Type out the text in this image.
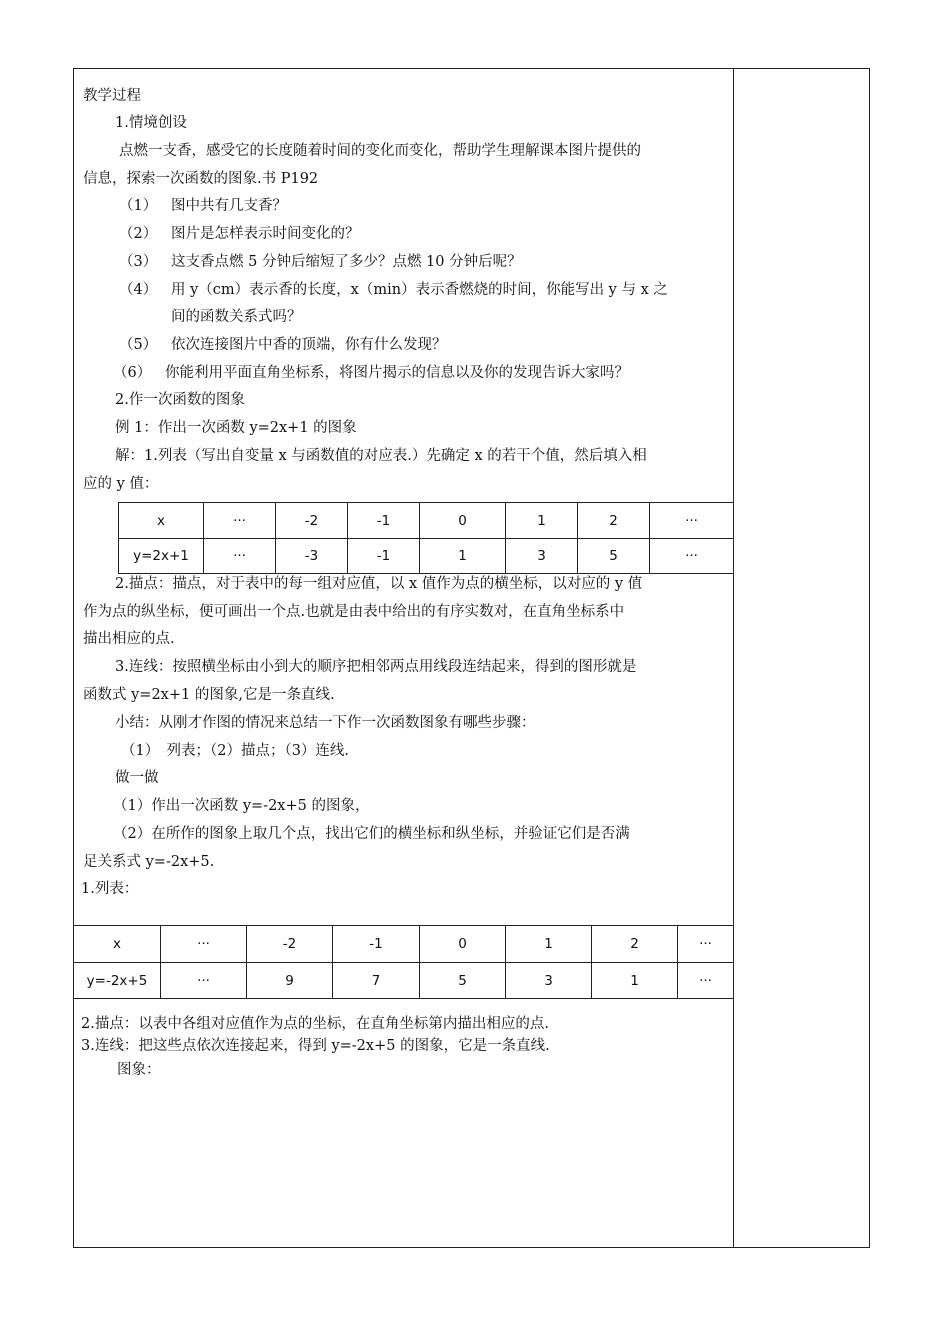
教学过程
1.情境创设
点燃一支香，感受它的长度随着时间的变化而变化，帮助学生理解课本图片提供的
信息，探索一次函数的图象.书 P192
（1） 图中共有几支香？
（2） 图片是怎样表示时间变化的？
（3） 这支香点燃 5 分钟后缩短了多少？点燃 10 分钟后呢？
（4） 用 y（cm）表示香的长度，x（min）表示香燃烧的时间，你能写出 y 与 x 之
间的函数关系式吗？
（5） 依次连接图片中香的顶端，你有什么发现？
（6） 你能利用平面直角坐标系，将图片揭示的信息以及你的发现告诉大家吗？
2.作一次函数的图象
例 1：作出一次函数 y=2x+1 的图象
解：1.列表（写出自变量 x 与函数值的对应表.）先确定 x 的若干个值，然后填入相
应的 y 值：
x	···	-2	-1	0	1	2	···
y=2x+1	···	-3	-1	1	3	5	···
2.描点：描点，对于表中的每一组对应值，以 x 值作为点的横坐标，以对应的 y 值
作为点的纵坐标，便可画出一个点.也就是由表中给出的有序实数对，在直角坐标系中
描出相应的点.
3.连线：按照横坐标由小到大的顺序把相邻两点用线段连结起来，得到的图形就是
函数式 y=2x+1 的图象,它是一条直线.
小结：从刚才作图的情况来总结一下作一次函数图象有哪些步骤：
（1）　列表；（2）描点；（3）连线.
做一做
（1）作出一次函数 y=-2x+5 的图象，
（2）在所作的图象上取几个点，找出它们的横坐标和纵坐标，并验证它们是否满
足关系式 y=-2x+5.
1.列表：
x	···	-2	-1	0	1	2	···
y=-2x+5	···	9	7	5	3	1	···
2.描点：以表中各组对应值作为点的坐标，在直角坐标第内描出相应的点.
3.连线：把这些点依次连接起来，得到 y=-2x+5 的图象，它是一条直线.
图象：
